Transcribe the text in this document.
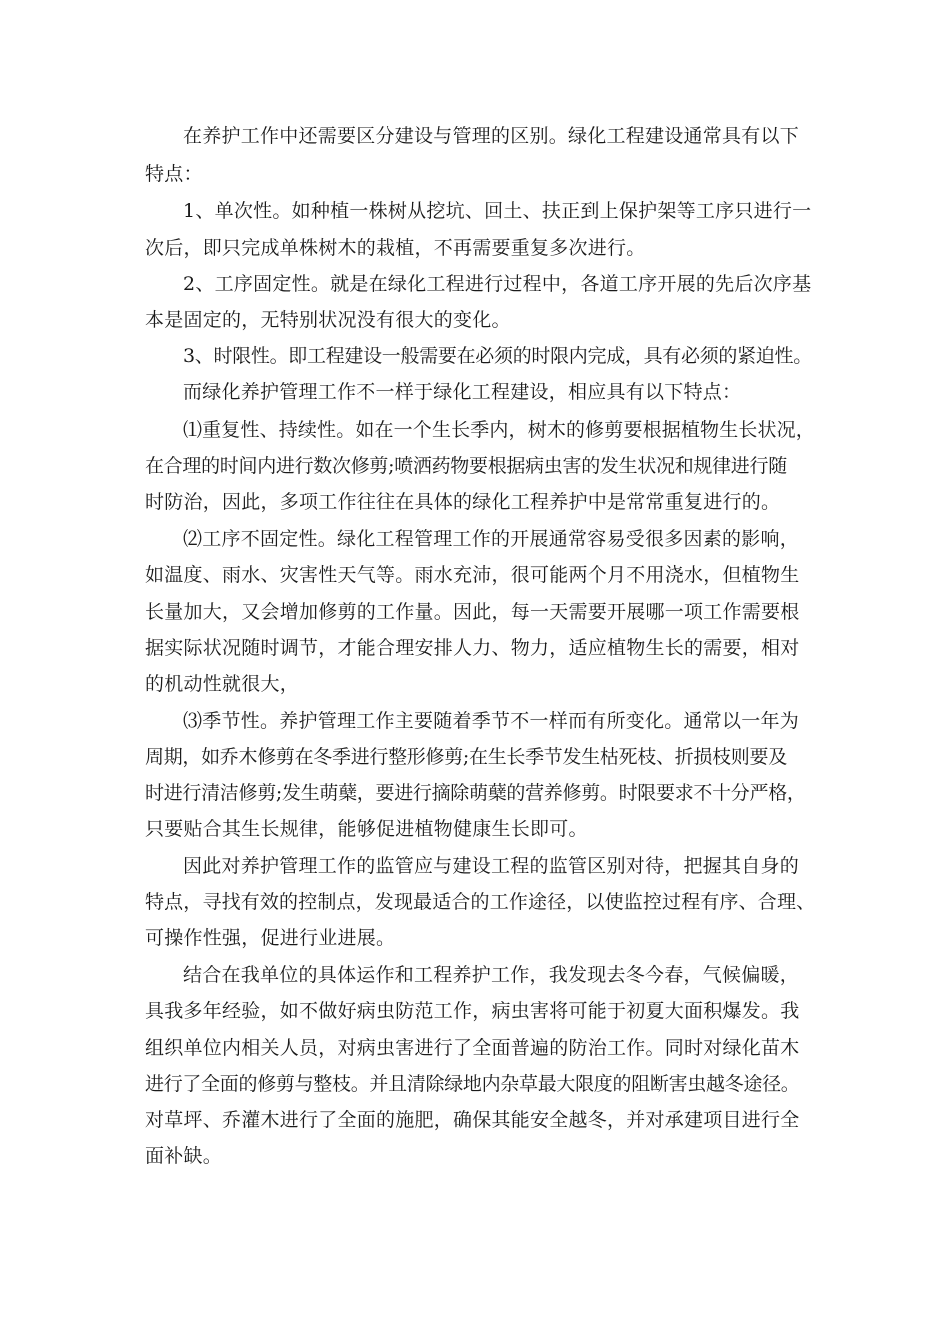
在养护工作中还需要区分建设与管理的区别。绿化工程建设通常具有以下
特点：
1、单次性。如种植一株树从挖坑、回土、扶正到上保护架等工序只进行一
次后，即只完成单株树木的栽植，不再需要重复多次进行。
2、工序固定性。就是在绿化工程进行过程中，各道工序开展的先后次序基
本是固定的，无特别状况没有很大的变化。
3、时限性。即工程建设一般需要在必须的时限内完成，具有必须的紧迫性。
而绿化养护管理工作不一样于绿化工程建设，相应具有以下特点：
⑴重复性、持续性。如在一个生长季内，树木的修剪要根据植物生长状况，
在合理的时间内进行数次修剪;喷洒药物要根据病虫害的发生状况和规律进行随
时防治，因此，多项工作往往在具体的绿化工程养护中是常常重复进行的。
⑵工序不固定性。绿化工程管理工作的开展通常容易受很多因素的影响，
如温度、雨水、灾害性天气等。雨水充沛，很可能两个月不用浇水，但植物生
长量加大，又会增加修剪的工作量。因此，每一天需要开展哪一项工作需要根
据实际状况随时调节，才能合理安排人力、物力，适应植物生长的需要，相对
的机动性就很大，
⑶季节性。养护管理工作主要随着季节不一样而有所变化。通常以一年为
周期，如乔木修剪在冬季进行整形修剪;在生长季节发生枯死枝、折损枝则要及
时进行清洁修剪;发生萌蘖，要进行摘除萌蘖的营养修剪。时限要求不十分严格，
只要贴合其生长规律，能够促进植物健康生长即可。
因此对养护管理工作的监管应与建设工程的监管区别对待，把握其自身的
特点，寻找有效的控制点，发现最适合的工作途径，以使监控过程有序、合理、
可操作性强，促进行业进展。
结合在我单位的具体运作和工程养护工作，我发现去冬今春，气候偏暖，
具我多年经验，如不做好病虫防范工作，病虫害将可能于初夏大面积爆发。我
组织单位内相关人员，对病虫害进行了全面普遍的防治工作。同时对绿化苗木
进行了全面的修剪与整枝。并且清除绿地内杂草最大限度的阻断害虫越冬途径。
对草坪、乔灌木进行了全面的施肥，确保其能安全越冬，并对承建项目进行全
面补缺。
